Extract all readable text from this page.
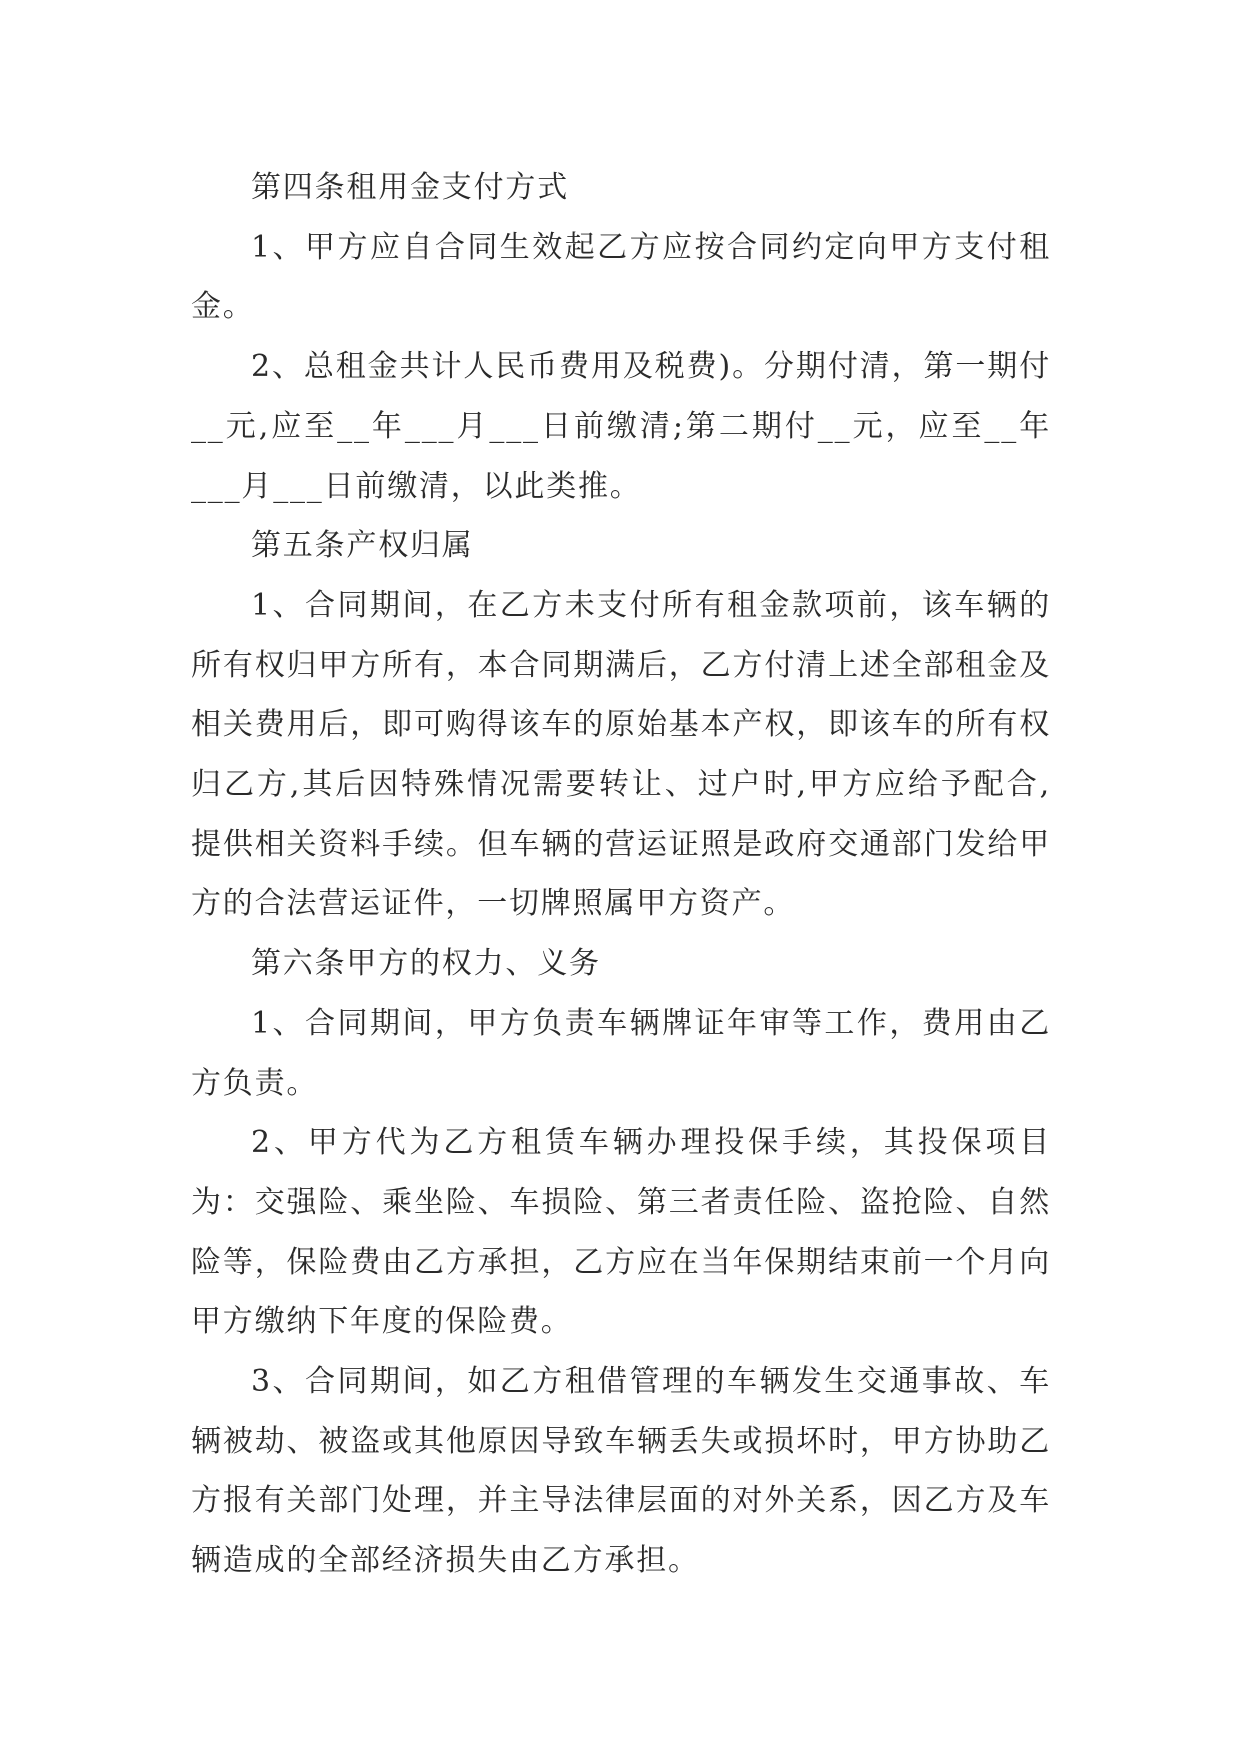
第四条租用金支付方式

1、甲方应自合同生效起乙方应按合同约定向甲方支付租金。

2、总租金共计人民币费用及税费)。分期付清，第一期付__元,应至__年___月___日前缴清;第二期付__元，应至__年___月___日前缴清，以此类推。

第五条产权归属

1、合同期间，在乙方未支付所有租金款项前，该车辆的所有权归甲方所有，本合同期满后，乙方付清上述全部租金及相关费用后，即可购得该车的原始基本产权，即该车的所有权归乙方,其后因特殊情况需要转让、过户时,甲方应给予配合,提供相关资料手续。但车辆的营运证照是政府交通部门发给甲方的合法营运证件，一切牌照属甲方资产。

第六条甲方的权力、义务

1、合同期间，甲方负责车辆牌证年审等工作，费用由乙方负责。

2、甲方代为乙方租赁车辆办理投保手续，其投保项目为：交强险、乘坐险、车损险、第三者责任险、盗抢险、自然险等，保险费由乙方承担，乙方应在当年保期结束前一个月向甲方缴纳下年度的保险费。

3、合同期间，如乙方租借管理的车辆发生交通事故、车辆被劫、被盗或其他原因导致车辆丢失或损坏时，甲方协助乙方报有关部门处理，并主导法律层面的对外关系，因乙方及车辆造成的全部经济损失由乙方承担。
